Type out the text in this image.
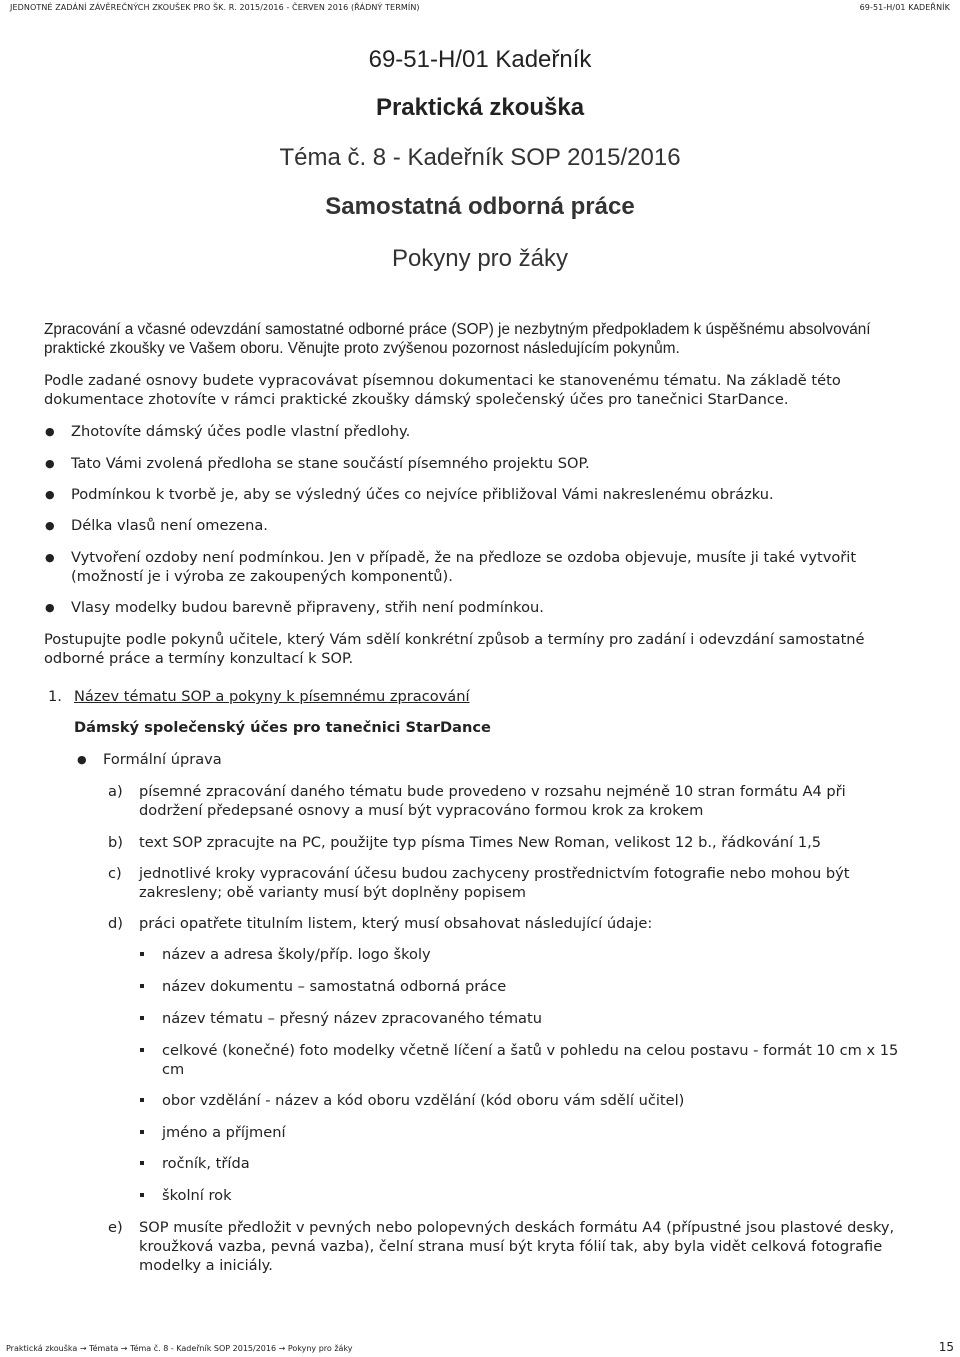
JEDNOTNÉ ZADÁNÍ ZÁVĚREČNÝCH ZKOUŠEK PRO ŠK. R. 2015/2016 - ČERVEN 2016 (ŘÁDNÝ TERMÍN)	69-51-H/01 KADEŘNÍK
69-51-H/01 Kadeřník
Praktická zkouška
Téma č. 8 - Kadeřník SOP 2015/2016
Samostatná odborná práce
Pokyny pro žáky
Zpracování a včasné odevzdání samostatné odborné práce (SOP) je nezbytným předpokladem k úspěšnému absolvování praktické zkoušky ve Vašem oboru. Věnujte proto zvýšenou pozornost následujícím pokynům.
Podle zadané osnovy budete vypracovávat písemnou dokumentaci ke stanovenému tématu. Na základě této dokumentace zhotovíte v rámci praktické zkoušky dámský společenský účes pro tanečnici StarDance.
● Zhotovíte dámský účes podle vlastní předlohy.
● Tato Vámi zvolená předloha se stane součástí písemného projektu SOP.
● Podmínkou k tvorbě je, aby se výsledný účes co nejvíce přibližoval Vámi nakreslenému obrázku.
● Délka vlasů není omezena.
● Vytvoření ozdoby není podmínkou. Jen v případě, že na předloze se ozdoba objevuje, musíte ji také vytvořit (možností je i výroba ze zakoupených komponentů).
● Vlasy modelky budou barevně připraveny, střih není podmínkou.
Postupujte podle pokynů učitele, který Vám sdělí konkrétní způsob a termíny pro zadání i odevzdání samostatné odborné práce a termíny konzultací k SOP.
1. Název tématu SOP a pokyny k písemnému zpracování
Dámský společenský účes pro tanečnici StarDance
● Formální úprava
a) písemné zpracování daného tématu bude provedeno v rozsahu nejméně 10 stran formátu A4 při dodržení předepsané osnovy a musí být vypracováno formou krok za krokem
b) text SOP zpracujte na PC, použijte typ písma Times New Roman, velikost 12 b., řádkování 1,5
c) jednotlivé kroky vypracování účesu budou zachyceny prostřednictvím fotografie nebo mohou být zakresleny; obě varianty musí být doplněny popisem
d) práci opatřete titulním listem, který musí obsahovat následující údaje:
název a adresa školy/příp. logo školy
název dokumentu – samostatná odborná práce
název tématu – přesný název zpracovaného tématu
celkové (konečné) foto modelky včetně líčení a šatů v pohledu na celou postavu - formát 10 cm x 15 cm
obor vzdělání - název a kód oboru vzdělání (kód oboru vám sdělí učitel)
jméno a příjmení
ročník, třída
školní rok
e) SOP musíte předložit v pevných nebo polopevných deskách formátu A4 (přípustné jsou plastové desky, kroužková vazba, pevná vazba), čelní strana musí být kryta fólií tak, aby byla vidět celková fotografie modelky a iniciály.
Praktická zkouška → Témata → Téma č. 8 - Kadeřník SOP 2015/2016 → Pokyny pro žáky	15
